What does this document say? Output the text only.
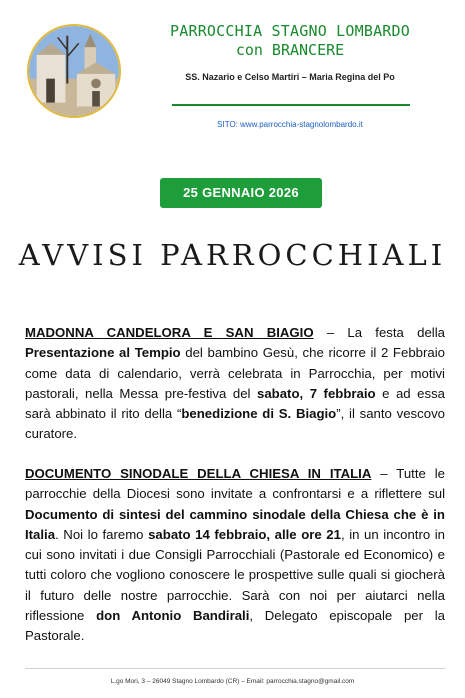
PARROCCHIA STAGNO LOMBARDO
con BRANCERE
SS. Nazario e Celso Martiri – Maria Regina del Po
SITO: www.parrocchia-stagnolombardo.it
25 GENNAIO 2026
AVVISI PARROCCHIALI
MADONNA CANDELORA E SAN BIAGIO – La festa della Presentazione al Tempio del bambino Gesù, che ricorre il 2 Febbraio come data di calendario, verrà celebrata in Parrocchia, per motivi pastorali, nella Messa pre-festiva del sabato, 7 febbraio e ad essa sarà abbinato il rito della “benedizione di S. Biagio”, il santo vescovo curatore.
DOCUMENTO SINODALE DELLA CHIESA IN ITALIA – Tutte le parrocchie della Diocesi sono invitate a confrontarsi e a riflettere sul Documento di sintesi del cammino sinodale della Chiesa che è in Italia. Noi lo faremo sabato 14 febbraio, alle ore 21, in un incontro in cui sono invitati i due Consigli Parrocchiali (Pastorale ed Economico) e tutti coloro che vogliono conoscere le prospettive sulle quali si giocherà il futuro delle nostre parrocchie. Sarà con noi per aiutarci nella riflessione don Antonio Bandirali, Delegato episcopale per la Pastorale.
L.go Mori, 3 – 26049 Stagno Lombardo (CR) – Email: parrocchia.stagno@gmail.com
